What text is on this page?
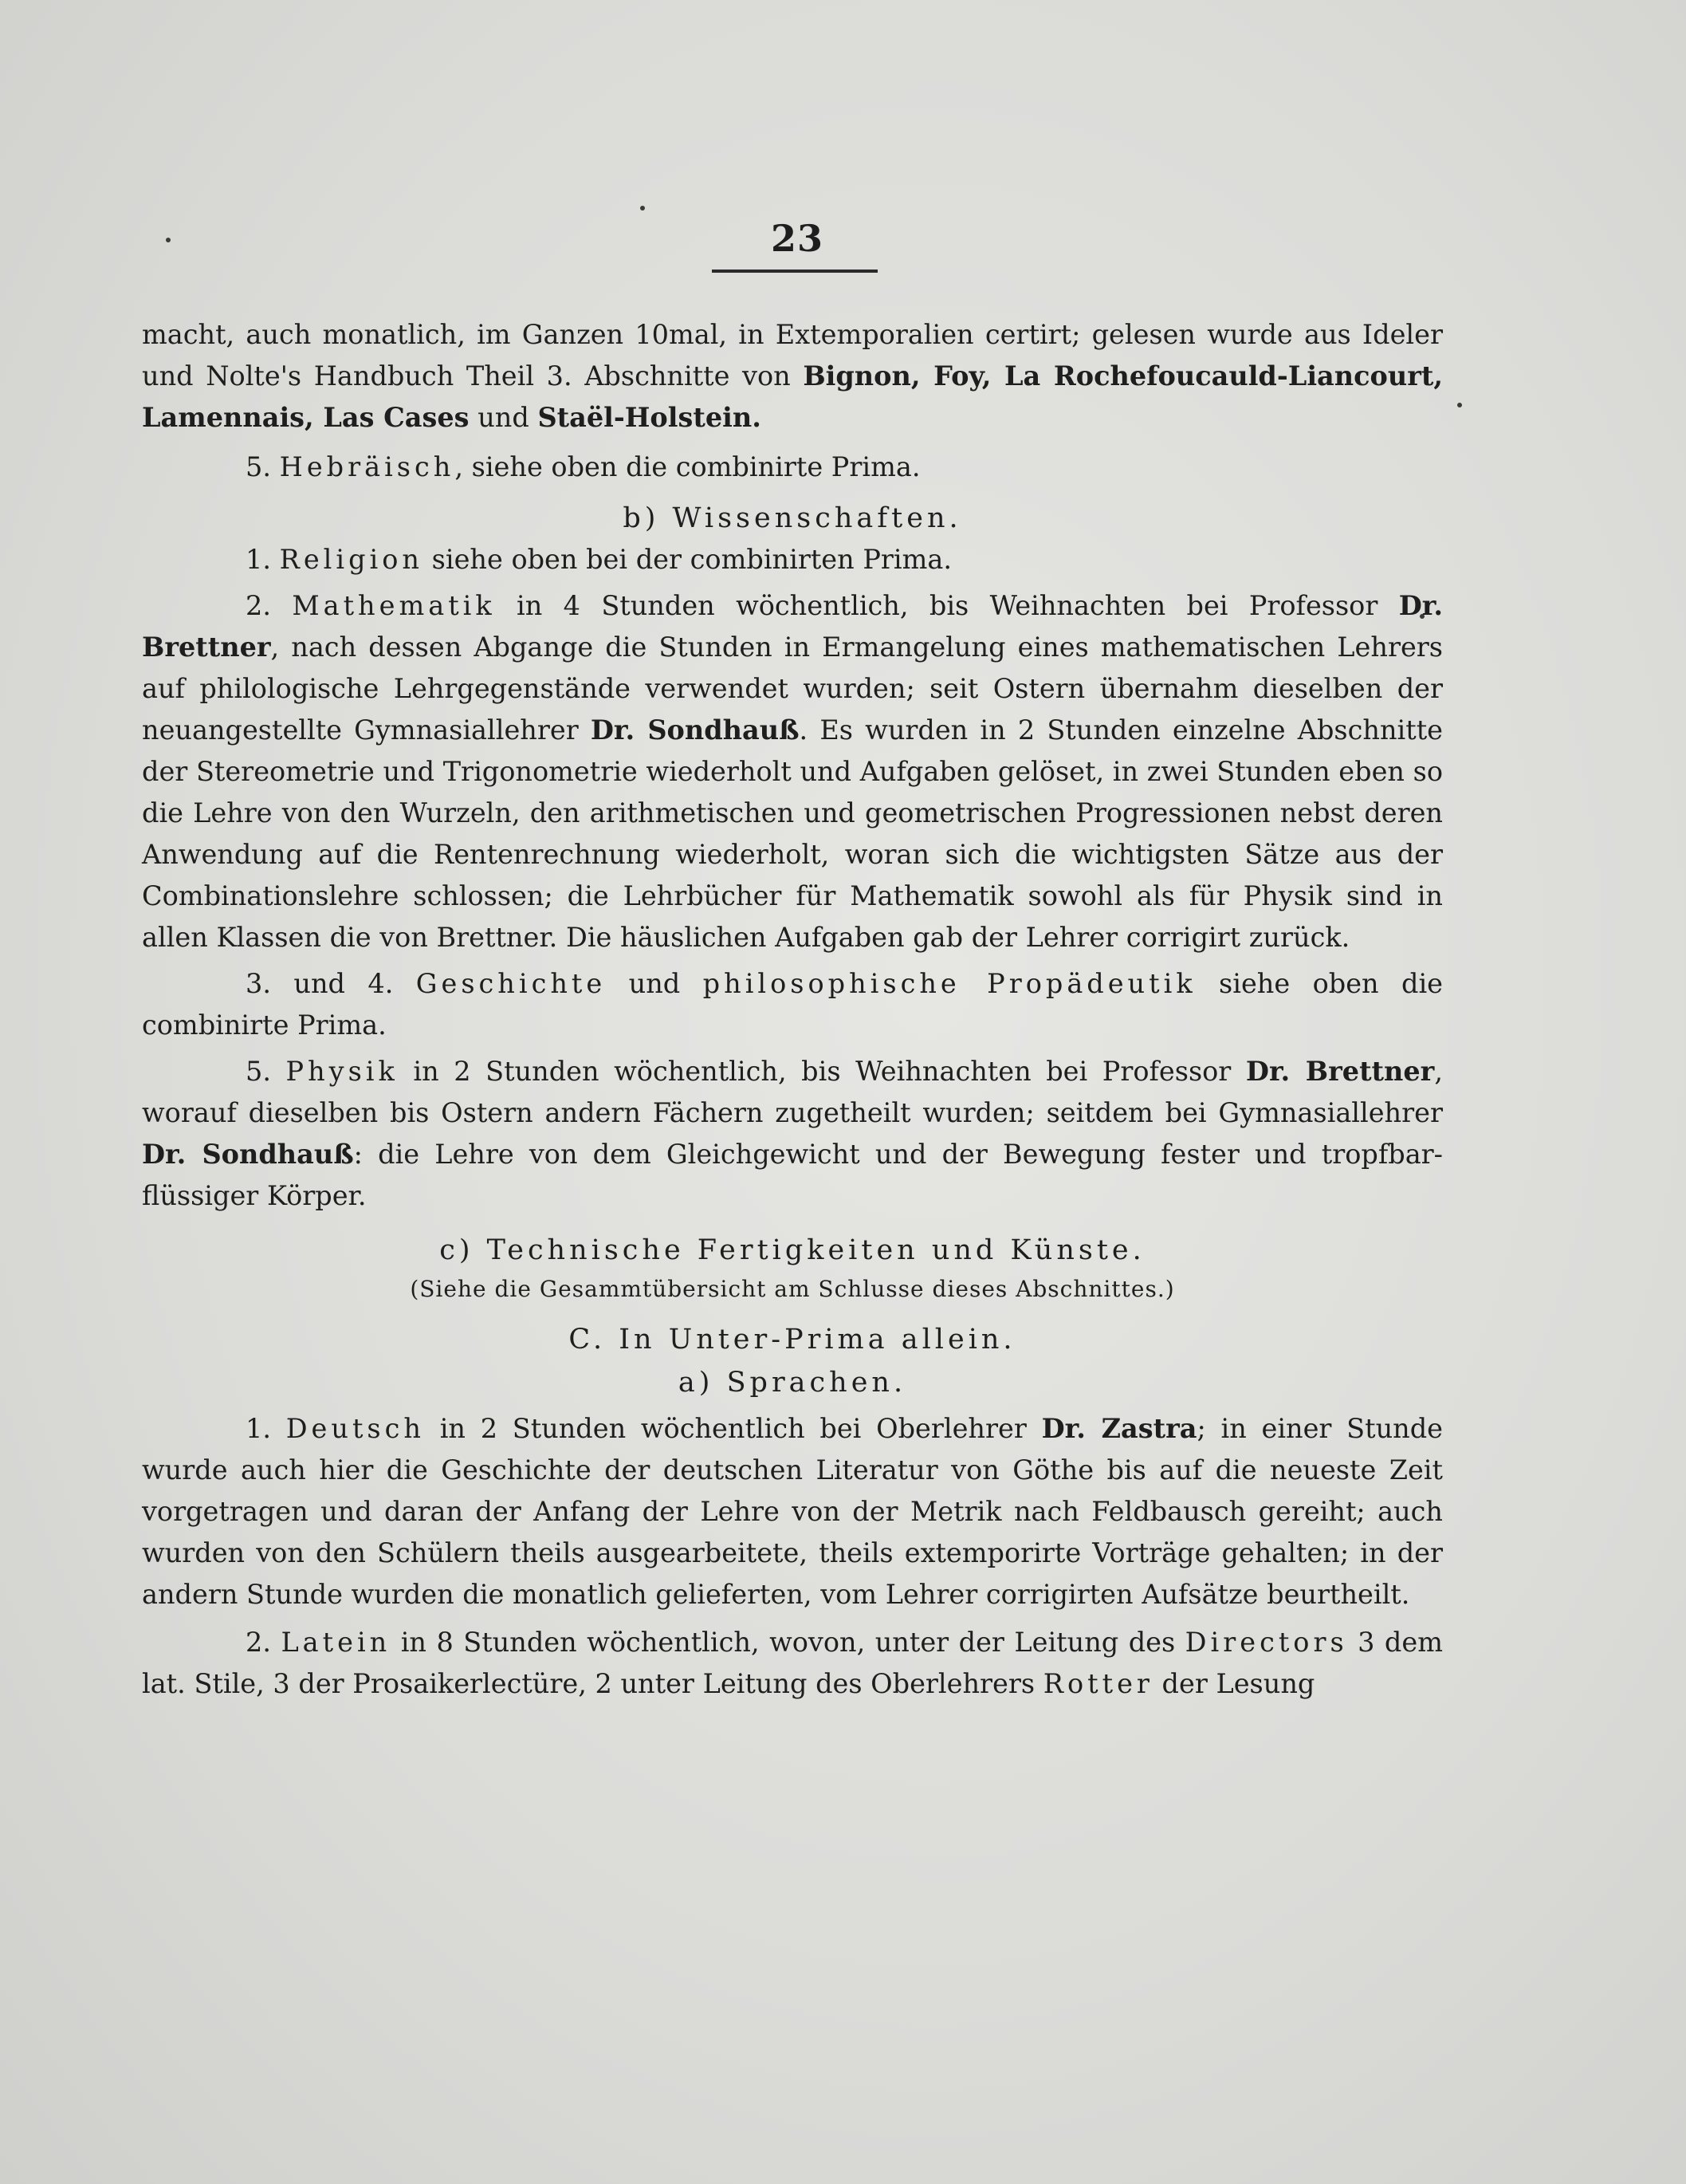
23

macht, auch monatlich, im Ganzen 10mal, in Extemporalien certirt; gelesen wurde aus Ideler und Nolte's Handbuch Theil 3. Abschnitte von Bignon, Foy, La Rochefoucauld-Liancourt, Lamennais, Las Cases und Staël-Holstein.

5. Hebräisch, siehe oben die combinirte Prima.

b) Wissenschaften.

1. Religion siehe oben bei der combinirten Prima.

2. Mathematik in 4 Stunden wöchentlich, bis Weihnachten bei Professor Dr. Brettner, nach dessen Abgange die Stunden in Ermangelung eines mathematischen Lehrers auf philologische Lehrgegenstände verwendet wurden; seit Ostern übernahm dieselben der neuangestellte Gymnasiallehrer Dr. Sondhauß. Es wurden in 2 Stunden einzelne Abschnitte der Stereometrie und Trigonometrie wiederholt und Aufgaben gelöset, in zwei Stunden eben so die Lehre von den Wurzeln, den arithmetischen und geometrischen Progressionen nebst deren Anwendung auf die Rentenrechnung wiederholt, woran sich die wichtigsten Sätze aus der Combinationslehre schlossen; die Lehrbücher für Mathematik sowohl als für Physik sind in allen Klassen die von Brettner. Die häuslichen Aufgaben gab der Lehrer corrigirt zurück.

3. und 4. Geschichte und philosophische Propädeutik siehe oben die combinirte Prima.

5. Physik in 2 Stunden wöchentlich, bis Weihnachten bei Professor Dr. Brettner, worauf dieselben bis Ostern andern Fächern zugetheilt wurden; seitdem bei Gymnasiallehrer Dr. Sondhauß: die Lehre von dem Gleichgewicht und der Bewegung fester und tropfbar-flüssiger Körper.

c) Technische Fertigkeiten und Künste.

(Siehe die Gesammtübersicht am Schlusse dieses Abschnittes.)

C. In Unter-Prima allein.

a) Sprachen.

1. Deutsch in 2 Stunden wöchentlich bei Oberlehrer Dr. Zastra; in einer Stunde wurde auch hier die Geschichte der deutschen Literatur von Göthe bis auf die neueste Zeit vorgetragen und daran der Anfang der Lehre von der Metrik nach Feldbausch gereiht; auch wurden von den Schülern theils ausgearbeitete, theils extemporirte Vorträge gehalten; in der andern Stunde wurden die monatlich gelieferten, vom Lehrer corrigirten Aufsätze beurtheilt.

2. Latein in 8 Stunden wöchentlich, wovon, unter der Leitung des Directors 3 dem lat. Stile, 3 der Prosaikerlectüre, 2 unter Leitung des Oberlehrers Rotter der Lesung
